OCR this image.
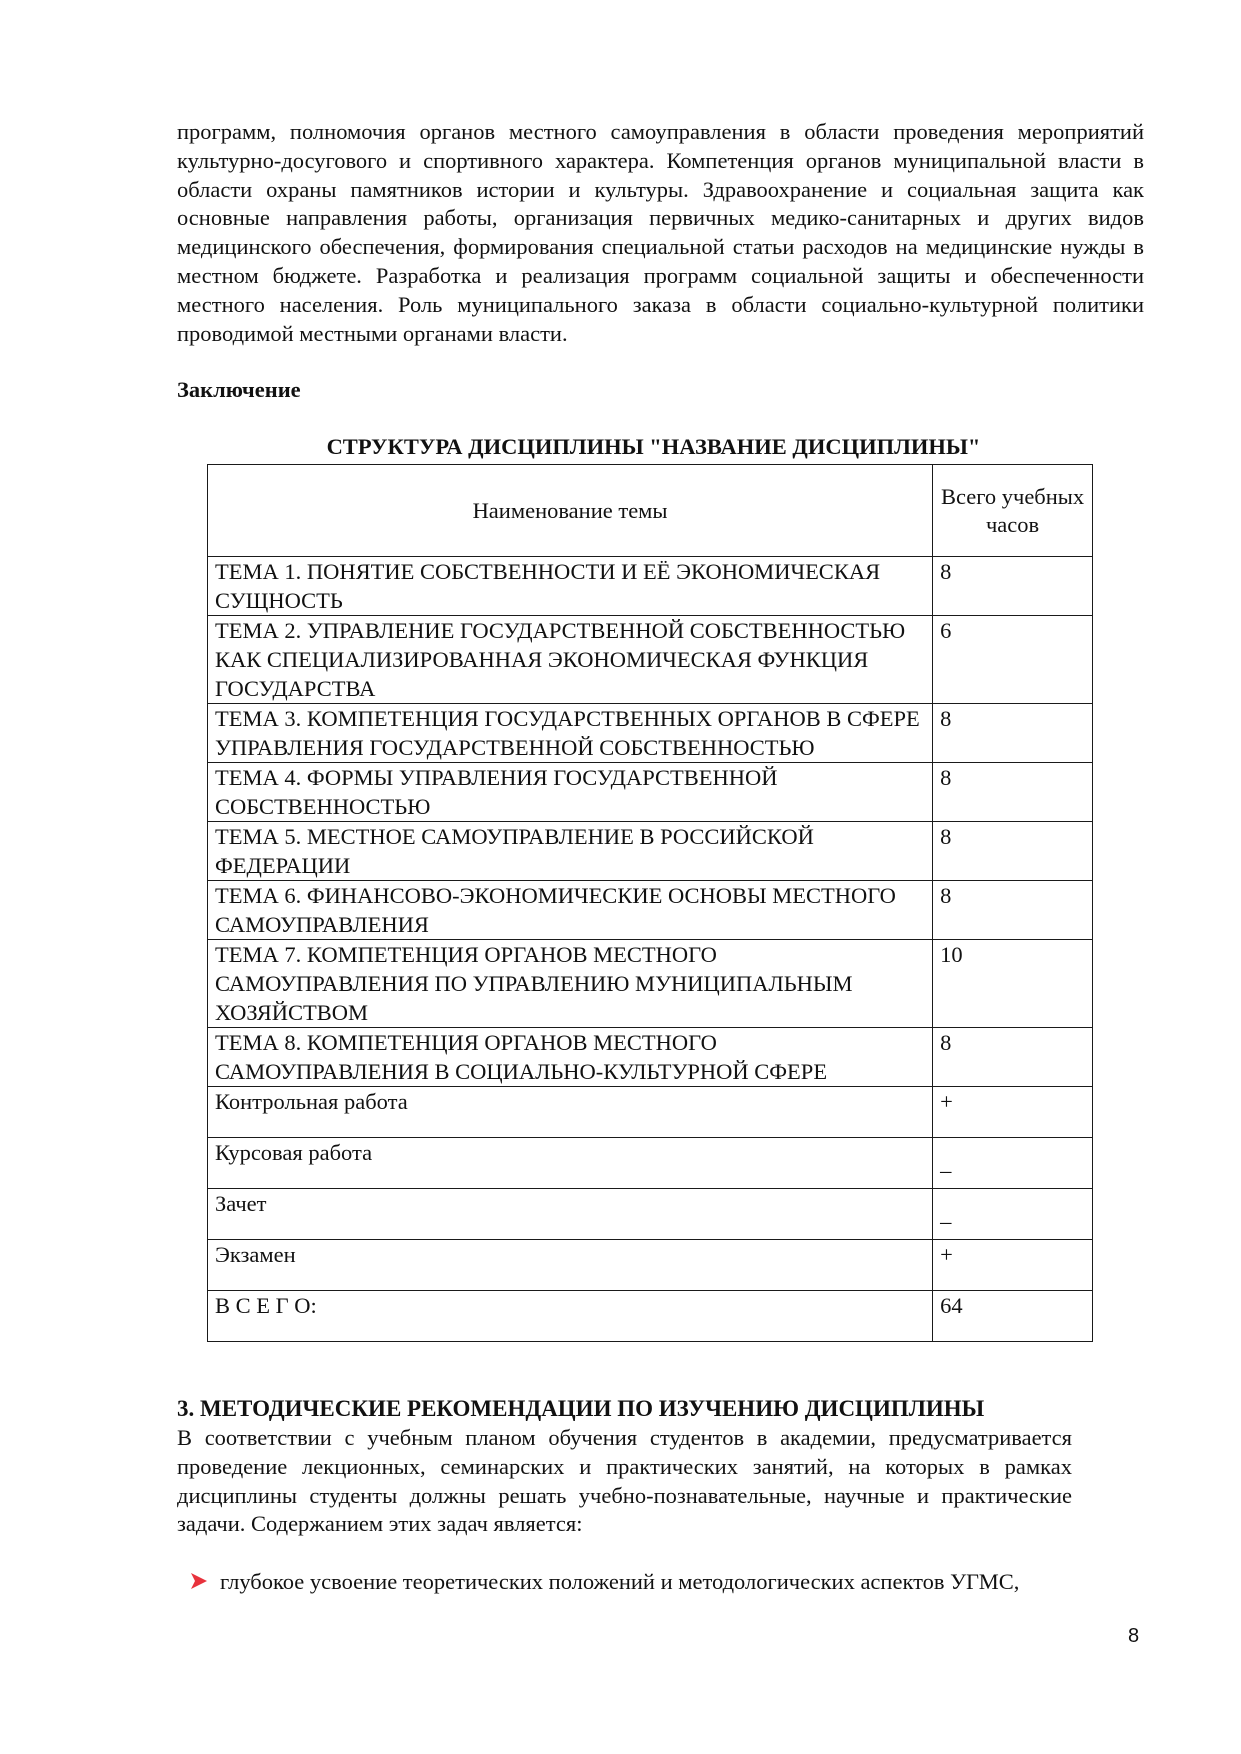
программ, полномочия органов местного самоуправления в области проведения мероприятий культурно-досугового и спортивного характера. Компетенция органов муниципальной власти в области охраны памятников истории и культуры. Здравоохранение и социальная защита как основные направления работы, организация первичных медико-санитарных и других видов медицинского обеспечения, формирования специальной статьи расходов на медицинские нужды в местном бюджете. Разработка и реализация программ социальной защиты и обеспеченности местного населения. Роль муниципального заказа в области социально-культурной политики проводимой местными органами власти.

Заключение

СТРУКТУРА ДИСЦИПЛИНЫ "НАЗВАНИЕ ДИСЦИПЛИНЫ"

Наименование темы	Всего учебных часов
ТЕМА 1. ПОНЯТИЕ СОБСТВЕННОСТИ И ЕЁ ЭКОНОМИЧЕСКАЯ СУЩНОСТЬ	8
ТЕМА 2. УПРАВЛЕНИЕ ГОСУДАРСТВЕННОЙ СОБСТВЕННОСТЬЮ КАК СПЕЦИАЛИЗИРОВАННАЯ ЭКОНОМИЧЕСКАЯ ФУНКЦИЯ ГОСУДАРСТВА	6
ТЕМА 3. КОМПЕТЕНЦИЯ ГОСУДАРСТВЕННЫХ ОРГАНОВ В СФЕРЕ УПРАВЛЕНИЯ ГОСУДАРСТВЕННОЙ СОБСТВЕННОСТЬЮ	8
ТЕМА 4. ФОРМЫ УПРАВЛЕНИЯ ГОСУДАРСТВЕННОЙ СОБСТВЕННОСТЬЮ	8
ТЕМА 5. МЕСТНОЕ САМОУПРАВЛЕНИЕ В РОССИЙСКОЙ ФЕДЕРАЦИИ	8
ТЕМА 6. ФИНАНСОВО-ЭКОНОМИЧЕСКИЕ ОСНОВЫ МЕСТНОГО САМОУПРАВЛЕНИЯ	8
ТЕМА 7. КОМПЕТЕНЦИЯ ОРГАНОВ МЕСТНОГО САМОУПРАВЛЕНИЯ ПО УПРАВЛЕНИЮ МУНИЦИПАЛЬНЫМ ХОЗЯЙСТВОМ	10
ТЕМА 8. КОМПЕТЕНЦИЯ ОРГАНОВ МЕСТНОГО САМОУПРАВЛЕНИЯ В СОЦИАЛЬНО-КУЛЬТУРНОЙ СФЕРЕ	8
Контрольная работа	+
Курсовая работа	_
Зачет	_
Экзамен	+
В С Е Г О:	64

3. МЕТОДИЧЕСКИЕ РЕКОМЕНДАЦИИ ПО ИЗУЧЕНИЮ ДИСЦИПЛИНЫ

В соответствии с учебным планом обучения студентов в академии, предусматривается проведение лекционных, семинарских и практических занятий, на которых в рамках дисциплины студенты должны решать учебно-познавательные, научные и практические задачи. Содержанием этих задач является:

глубокое усвоение теоретических положений и методологических аспектов УГМС,

8
